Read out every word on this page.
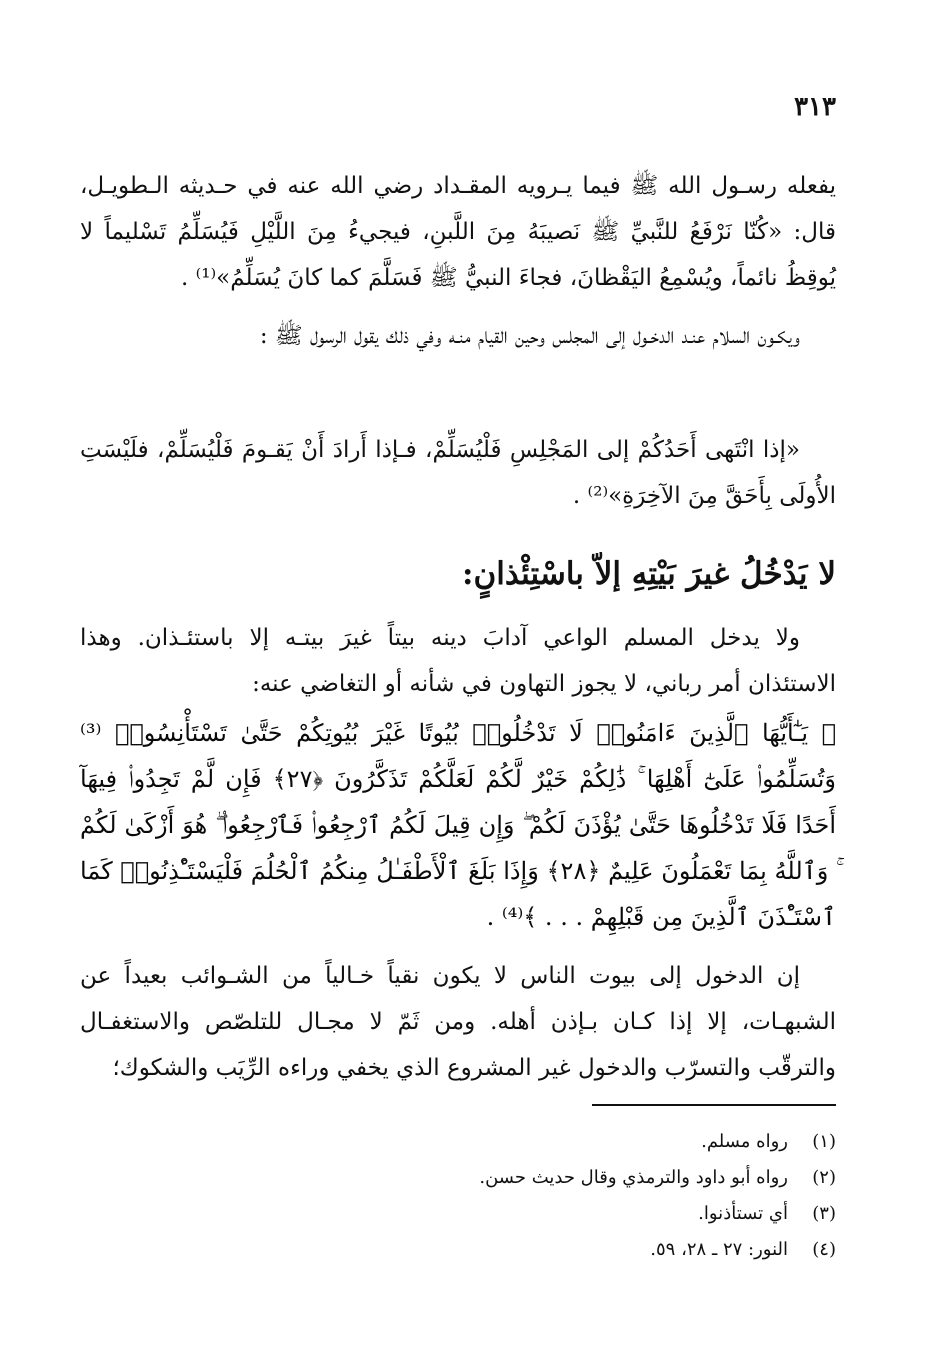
٣١٣

يفعله رسـول الله ﷺ فيما يـرويه المقـداد رضي الله عنه في حـديثه الـطويـل، قال: «كُنّا نَرْفَعُ للنَّبيِّ ﷺ نَصيبَهُ مِنَ اللَّبنِ، فيجيءُ مِنَ اللَّيْلِ فَيُسَلِّمُ تَسْليماً لا يُوقِظُ نائماً، ويُسْمِعُ اليَقْظانَ، فجاءَ النبيُّ ﷺ فَسَلَّمَ كما كانَ يُسَلِّمُ»⁽¹⁾ .

ويكـون السلام عنـد الدخـول إلى المجلس وحين القيام منـه وفي ذلك يقول الرسول ﷺ :

«إذا انْتَهى أَحَدُكُمْ إلى المَجْلِسِ فَلْيُسَلِّمْ، فـإذا أَرادَ أَنْ يَقـومَ فَلْيُسَلِّمْ، فلَيْسَتِ الأُولَى بِأَحَقَّ مِنَ الآخِرَةِ»⁽²⁾ .

لا يَدْخُلُ غيرَ بَيْتِهِ إلاّ باسْتِئْذانٍ:

ولا يدخل المسلم الواعي آدابَ دينه بيتاً غيرَ بيتـه إلا باستئـذان. وهذا الاستئذان أمر رباني، لا يجوز التهاون في شأنه أو التغاضي عنه:

﴿ يَـٰٓأَيُّهَا ٱلَّذِينَ ءَامَنُوا۟ لَا تَدْخُلُوا۟ بُيُوتًا غَيْرَ بُيُوتِكُمْ حَتَّىٰ تَسْتَأْنِسُوا۟ ⁽³⁾ وَتُسَلِّمُوا۟ عَلَىٰٓ أَهْلِهَا ۚ ذَٰلِكُمْ خَيْرٌ لَّكُمْ لَعَلَّكُمْ تَذَكَّرُونَ ﴿٢٧﴾ فَإِن لَّمْ تَجِدُوا۟ فِيهَآ أَحَدًا فَلَا تَدْخُلُوهَا حَتَّىٰ يُؤْذَنَ لَكُمْ ۖ وَإِن قِيلَ لَكُمُ ٱرْجِعُوا۟ فَٱرْجِعُوا۟ ۖ هُوَ أَزْكَىٰ لَكُمْ ۚ وَٱللَّهُ بِمَا تَعْمَلُونَ عَلِيمٌ ﴿٢٨﴾ وَإِذَا بَلَغَ ٱلْأَطْفَـٰلُ مِنكُمُ ٱلْحُلُمَ فَلْيَسْتَـْٔذِنُوا۟ كَمَا ٱسْتَـْٔذَنَ ٱلَّذِينَ مِن قَبْلِهِمْ . . . ﴾⁽⁴⁾ .

إن الدخول إلى بيوت الناس لا يكون نقياً خـالياً من الشـوائب بعيداً عن الشبهـات، إلا إذا كـان بـإذن أهله. ومن ثَمّ لا مجـال للتلصّص والاستغفـال والترقّب والتسرّب والدخول غير المشروع الذي يخفي وراءه الرِّيَب والشكوك؛

(١)
رواه مسلم.
(٢)
رواه أبو داود والترمذي وقال حديث حسن.
(٣)
أي تستأذنوا.
(٤)
النور: ٢٧ ـ ٢٨، ٥٩.
